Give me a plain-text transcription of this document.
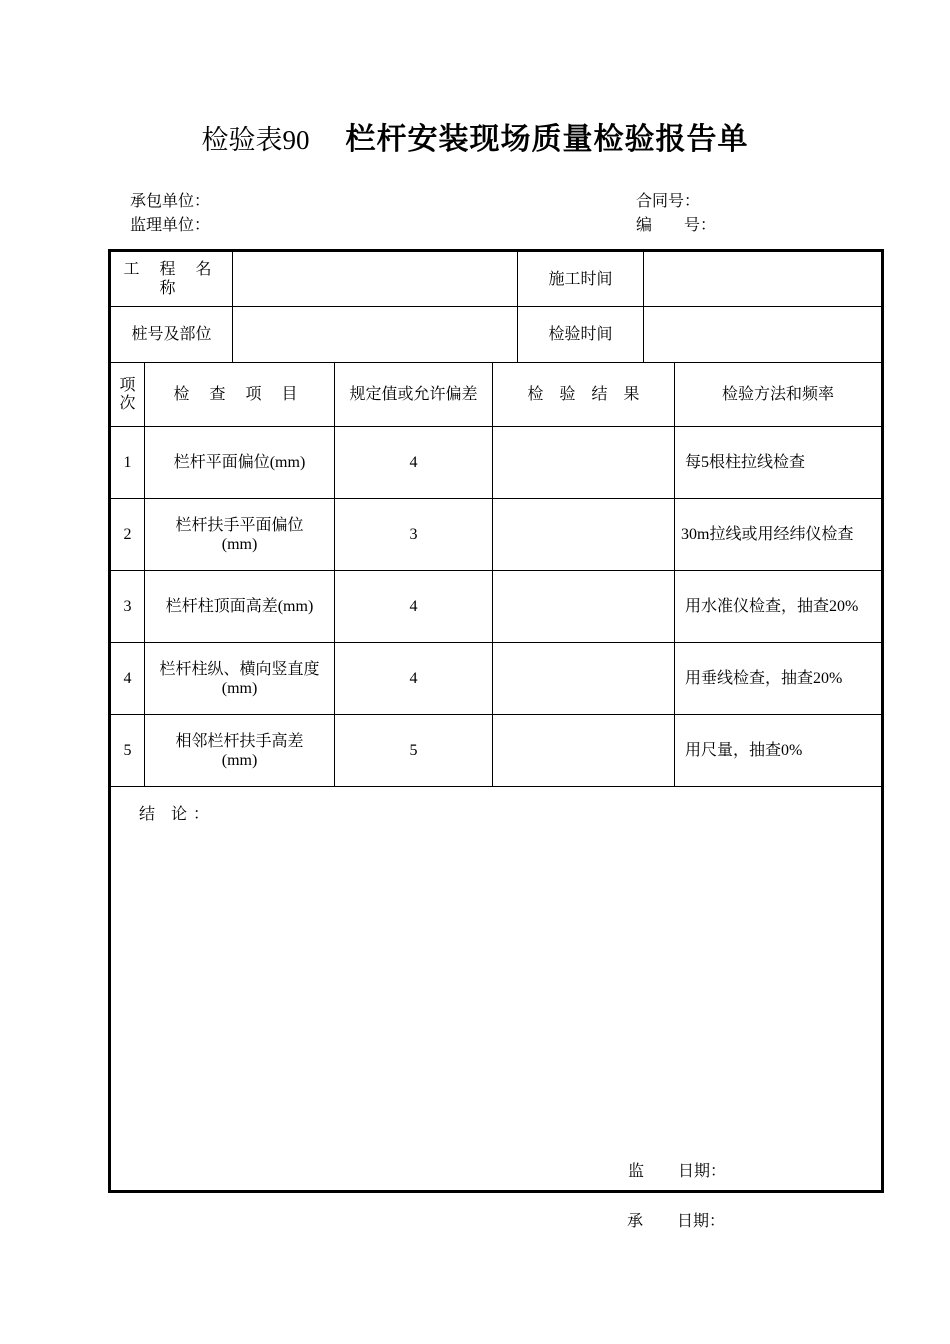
检验表90 栏杆安装现场质量检验报告单
承包单位：
监理单位：
合同号：
编　　号：
工 程 名 称					施工时间		
桩号及部位					检验时间		
项次	检 查 项 目		规定值或允许偏差	检　验　结　果			检验方法和频率
1	栏杆平面偏位(mm)		4				每5根柱拉线检查
2	栏杆扶手平面偏位(mm)		3				30m拉线或用经纬仪检查
3	栏杆柱顶面高差(mm)		4				用水准仪检查，抽查20%
4	栏杆柱纵、横向竖直度(mm)		4				用垂线检查，抽查20%
5	相邻栏杆扶手高差(mm)		5				用尺量，抽查0%

结 论：
监 日期：							
承 日期：
